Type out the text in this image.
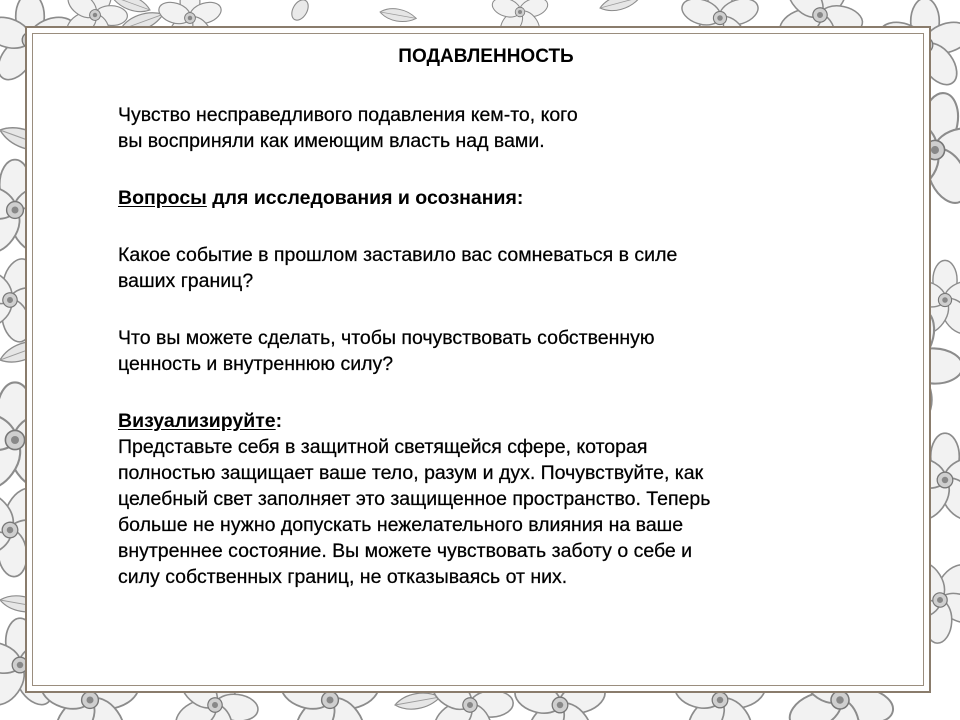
ПОДАВЛЕННОСТЬ
Чувство несправедливого подавления кем-то, кого
вы восприняли как имеющим власть над вами.
Вопросы для исследования и осознания:
Какое событие в прошлом заставило вас сомневаться в силе
ваших границ?
Что вы можете сделать, чтобы почувствовать собственную
ценность и внутреннюю силу?
Визуализируйте:
Представьте себя в защитной светящейся сфере, которая
полностью защищает ваше тело, разум и дух. Почувствуйте, как
целебный свет заполняет это защищенное пространство. Теперь
больше не нужно допускать нежелательного влияния на ваше
внутреннее состояние. Вы можете чувствовать заботу о себе и
силу собственных границ, не отказываясь от них.
